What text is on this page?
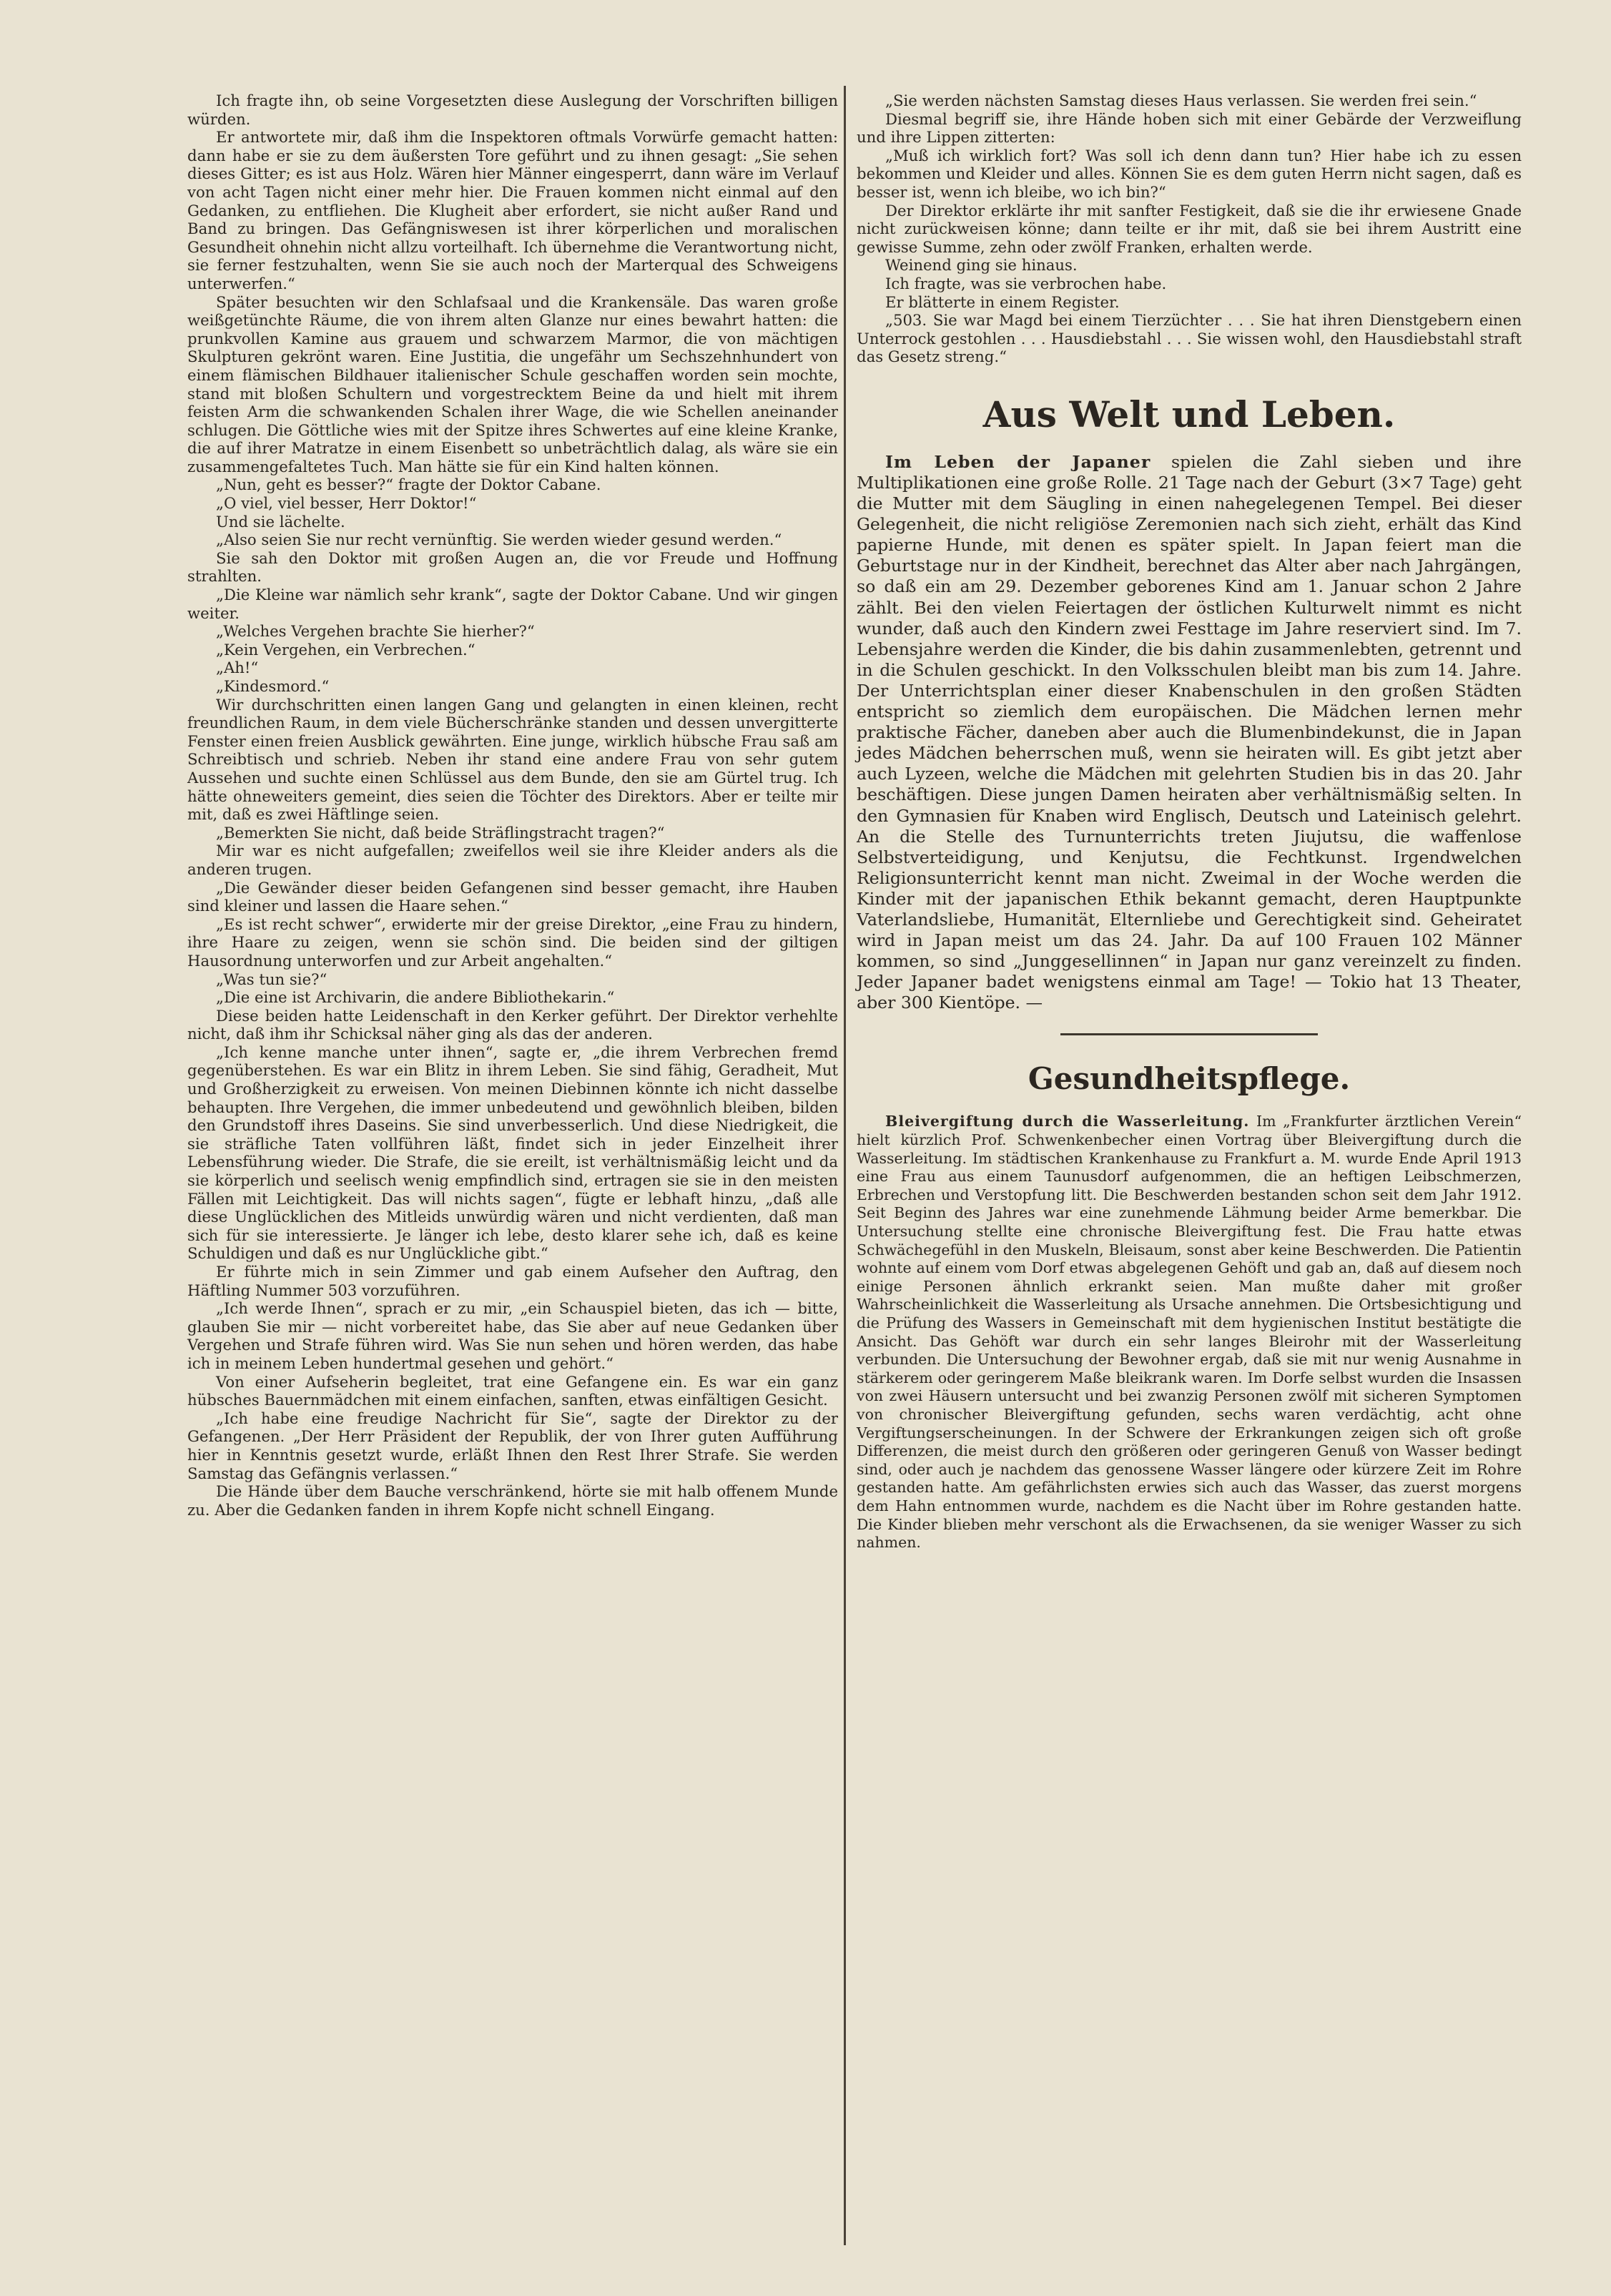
Ich fragte ihn, ob seine Vorgesetzten diese Auslegung der Vorschriften billigen würden.

Er antwortete mir, daß ihm die Inspektoren oftmals Vorwürfe gemacht hatten: dann habe er sie zu dem äußersten Tore geführt und zu ihnen gesagt: „Sie sehen dieses Gitter; es ist aus Holz. Wären hier Männer eingesperrt, dann wäre im Verlauf von acht Tagen nicht einer mehr hier. Die Frauen kommen nicht einmal auf den Gedanken, zu entfliehen. Die Klugheit aber erfordert, sie nicht außer Rand und Band zu bringen. Das Gefängniswesen ist ihrer körperlichen und moralischen Gesundheit ohnehin nicht allzu vorteilhaft. Ich übernehme die Verantwortung nicht, sie ferner festzuhalten, wenn Sie sie auch noch der Marterqual des Schweigens unterwerfen.“

Später besuchten wir den Schlafsaal und die Krankensäle. Das waren große weißgetünchte Räume, die von ihrem alten Glanze nur eines bewahrt hatten: die prunkvollen Kamine aus grauem und schwarzem Marmor, die von mächtigen Skulpturen gekrönt waren. Eine Justitia, die ungefähr um Sechszehnhundert von einem flämischen Bildhauer italienischer Schule geschaffen worden sein mochte, stand mit bloßen Schultern und vorgestrecktem Beine da und hielt mit ihrem feisten Arm die schwankenden Schalen ihrer Wage, die wie Schellen aneinander schlugen. Die Göttliche wies mit der Spitze ihres Schwertes auf eine kleine Kranke, die auf ihrer Matratze in einem Eisenbett so unbeträchtlich dalag, als wäre sie ein zusammengefaltetes Tuch. Man hätte sie für ein Kind halten können.

„Nun, geht es besser?“ fragte der Doktor Cabane.

„O viel, viel besser, Herr Doktor!“

Und sie lächelte.

„Also seien Sie nur recht vernünftig. Sie werden wieder gesund werden.“

Sie sah den Doktor mit großen Augen an, die vor Freude und Hoffnung strahlten.

„Die Kleine war nämlich sehr krank“, sagte der Doktor Cabane. Und wir gingen weiter.

„Welches Vergehen brachte Sie hierher?“

„Kein Vergehen, ein Verbrechen.“

„Ah!“

„Kindesmord.“

Wir durchschritten einen langen Gang und gelangten in einen kleinen, recht freundlichen Raum, in dem viele Bücherschränke standen und dessen unvergitterte Fenster einen freien Ausblick gewährten. Eine junge, wirklich hübsche Frau saß am Schreibtisch und schrieb. Neben ihr stand eine andere Frau von sehr gutem Aussehen und suchte einen Schlüssel aus dem Bunde, den sie am Gürtel trug. Ich hätte ohneweiters gemeint, dies seien die Töchter des Direktors. Aber er teilte mir mit, daß es zwei Häftlinge seien.

„Bemerkten Sie nicht, daß beide Sträflingstracht tragen?“

Mir war es nicht aufgefallen; zweifellos weil sie ihre Kleider anders als die anderen trugen.

„Die Gewänder dieser beiden Gefangenen sind besser gemacht, ihre Hauben sind kleiner und lassen die Haare sehen.“

„Es ist recht schwer“, erwiderte mir der greise Direktor, „eine Frau zu hindern, ihre Haare zu zeigen, wenn sie schön sind. Die beiden sind der giltigen Hausordnung unterworfen und zur Arbeit angehalten.“

„Was tun sie?“

„Die eine ist Archivarin, die andere Bibliothekarin.“

Diese beiden hatte Leidenschaft in den Kerker geführt. Der Direktor verhehlte nicht, daß ihm ihr Schicksal näher ging als das der anderen.

„Ich kenne manche unter ihnen“, sagte er, „die ihrem Verbrechen fremd gegenüberstehen. Es war ein Blitz in ihrem Leben. Sie sind fähig, Geradheit, Mut und Großherzigkeit zu erweisen. Von meinen Diebinnen könnte ich nicht dasselbe behaupten. Ihre Vergehen, die immer unbedeutend und gewöhnlich bleiben, bilden den Grundstoff ihres Daseins. Sie sind unverbesserlich. Und diese Niedrigkeit, die sie sträfliche Taten vollführen läßt, findet sich in jeder Einzelheit ihrer Lebensführung wieder. Die Strafe, die sie ereilt, ist verhältnismäßig leicht und da sie körperlich und seelisch wenig empfindlich sind, ertragen sie sie in den meisten Fällen mit Leichtigkeit. Das will nichts sagen“, fügte er lebhaft hinzu, „daß alle diese Unglücklichen des Mitleids unwürdig wären und nicht verdienten, daß man sich für sie interessierte. Je länger ich lebe, desto klarer sehe ich, daß es keine Schuldigen und daß es nur Unglückliche gibt.“

Er führte mich in sein Zimmer und gab einem Aufseher den Auftrag, den Häftling Nummer 503 vorzuführen.

„Ich werde Ihnen“, sprach er zu mir, „ein Schauspiel bieten, das ich — bitte, glauben Sie mir — nicht vorbereitet habe, das Sie aber auf neue Gedanken über Vergehen und Strafe führen wird. Was Sie nun sehen und hören werden, das habe ich in meinem Leben hundertmal gesehen und gehört.“

Von einer Aufseherin begleitet, trat eine Gefangene ein. Es war ein ganz hübsches Bauernmädchen mit einem einfachen, sanften, etwas einfältigen Gesicht.

„Ich habe eine freudige Nachricht für Sie“, sagte der Direktor zu der Gefangenen. „Der Herr Präsident der Republik, der von Ihrer guten Aufführung hier in Kenntnis gesetzt wurde, erläßt Ihnen den Rest Ihrer Strafe. Sie werden Samstag das Gefängnis verlassen.“

Die Hände über dem Bauche verschränkend, hörte sie mit halb offenem Munde zu. Aber die Gedanken fanden in ihrem Kopfe nicht schnell Eingang.

„Sie werden nächsten Samstag dieses Haus verlassen. Sie werden frei sein.“

Diesmal begriff sie, ihre Hände hoben sich mit einer Gebärde der Verzweiflung und ihre Lippen zitterten:

„Muß ich wirklich fort? Was soll ich denn dann tun? Hier habe ich zu essen bekommen und Kleider und alles. Können Sie es dem guten Herrn nicht sagen, daß es besser ist, wenn ich bleibe, wo ich bin?“

Der Direktor erklärte ihr mit sanfter Festigkeit, daß sie die ihr erwiesene Gnade nicht zurückweisen könne; dann teilte er ihr mit, daß sie bei ihrem Austritt eine gewisse Summe, zehn oder zwölf Franken, erhalten werde.

Weinend ging sie hinaus.

Ich fragte, was sie verbrochen habe.

Er blätterte in einem Register.

„503. Sie war Magd bei einem Tierzüchter . . . Sie hat ihren Dienstgebern einen Unterrock gestohlen . . . Hausdiebstahl . . . Sie wissen wohl, den Hausdiebstahl straft das Gesetz streng.“

Aus Welt und Leben.

Im Leben der Japaner spielen die Zahl sieben und ihre Multiplikationen eine große Rolle. 21 Tage nach der Geburt (3×7 Tage) geht die Mutter mit dem Säugling in einen nahegelegenen Tempel. Bei dieser Gelegenheit, die nicht religiöse Zeremonien nach sich zieht, erhält das Kind papierne Hunde, mit denen es später spielt. In Japan feiert man die Geburtstage nur in der Kindheit, berechnet das Alter aber nach Jahrgängen, so daß ein am 29. Dezember geborenes Kind am 1. Januar schon 2 Jahre zählt. Bei den vielen Feiertagen der östlichen Kulturwelt nimmt es nicht wunder, daß auch den Kindern zwei Festtage im Jahre reserviert sind. Im 7. Lebensjahre werden die Kinder, die bis dahin zusammenlebten, getrennt und in die Schulen geschickt. In den Volksschulen bleibt man bis zum 14. Jahre. Der Unterrichtsplan einer dieser Knabenschulen in den großen Städten entspricht so ziemlich dem europäischen. Die Mädchen lernen mehr praktische Fächer, daneben aber auch die Blumenbindekunst, die in Japan jedes Mädchen beherrschen muß, wenn sie heiraten will. Es gibt jetzt aber auch Lyzeen, welche die Mädchen mit gelehrten Studien bis in das 20. Jahr beschäftigen. Diese jungen Damen heiraten aber verhältnismäßig selten. In den Gymnasien für Knaben wird Englisch, Deutsch und Lateinisch gelehrt. An die Stelle des Turnunterrichts treten Jiujutsu, die waffenlose Selbstverteidigung, und Kenjutsu, die Fechtkunst. Irgendwelchen Religionsunterricht kennt man nicht. Zweimal in der Woche werden die Kinder mit der japanischen Ethik bekannt gemacht, deren Hauptpunkte Vaterlandsliebe, Humanität, Elternliebe und Gerechtigkeit sind. Geheiratet wird in Japan meist um das 24. Jahr. Da auf 100 Frauen 102 Männer kommen, so sind „Junggesellinnen“ in Japan nur ganz vereinzelt zu finden. Jeder Japaner badet wenigstens einmal am Tage! — Tokio hat 13 Theater, aber 300 Kientöpe. —

Gesundheitspflege.

Bleivergiftung durch die Wasserleitung. Im „Frankfurter ärztlichen Verein“ hielt kürzlich Prof. Schwenkenbecher einen Vortrag über Bleivergiftung durch die Wasserleitung. Im städtischen Krankenhause zu Frankfurt a. M. wurde Ende April 1913 eine Frau aus einem Taunusdorf aufgenommen, die an heftigen Leibschmerzen, Erbrechen und Verstopfung litt. Die Beschwerden bestanden schon seit dem Jahr 1912. Seit Beginn des Jahres war eine zunehmende Lähmung beider Arme bemerkbar. Die Untersuchung stellte eine chronische Bleivergiftung fest. Die Frau hatte etwas Schwächegefühl in den Muskeln, Bleisaum, sonst aber keine Beschwerden. Die Patientin wohnte auf einem vom Dorf etwas abgelegenen Gehöft und gab an, daß auf diesem noch einige Personen ähnlich erkrankt seien. Man mußte daher mit großer Wahrscheinlichkeit die Wasserleitung als Ursache annehmen. Die Ortsbesichtigung und die Prüfung des Wassers in Gemeinschaft mit dem hygienischen Institut bestätigte die Ansicht. Das Gehöft war durch ein sehr langes Bleirohr mit der Wasserleitung verbunden. Die Untersuchung der Bewohner ergab, daß sie mit nur wenig Ausnahme in stärkerem oder geringerem Maße bleikrank waren. Im Dorfe selbst wurden die Insassen von zwei Häusern untersucht und bei zwanzig Personen zwölf mit sicheren Symptomen von chronischer Bleivergiftung gefunden, sechs waren verdächtig, acht ohne Vergiftungserscheinungen. In der Schwere der Erkrankungen zeigen sich oft große Differenzen, die meist durch den größeren oder geringeren Genuß von Wasser bedingt sind, oder auch je nachdem das genossene Wasser längere oder kürzere Zeit im Rohre gestanden hatte. Am gefährlichsten erwies sich auch das Wasser, das zuerst morgens dem Hahn entnommen wurde, nachdem es die Nacht über im Rohre gestanden hatte. Die Kinder blieben mehr verschont als die Erwachsenen, da sie weniger Wasser zu sich nahmen.
